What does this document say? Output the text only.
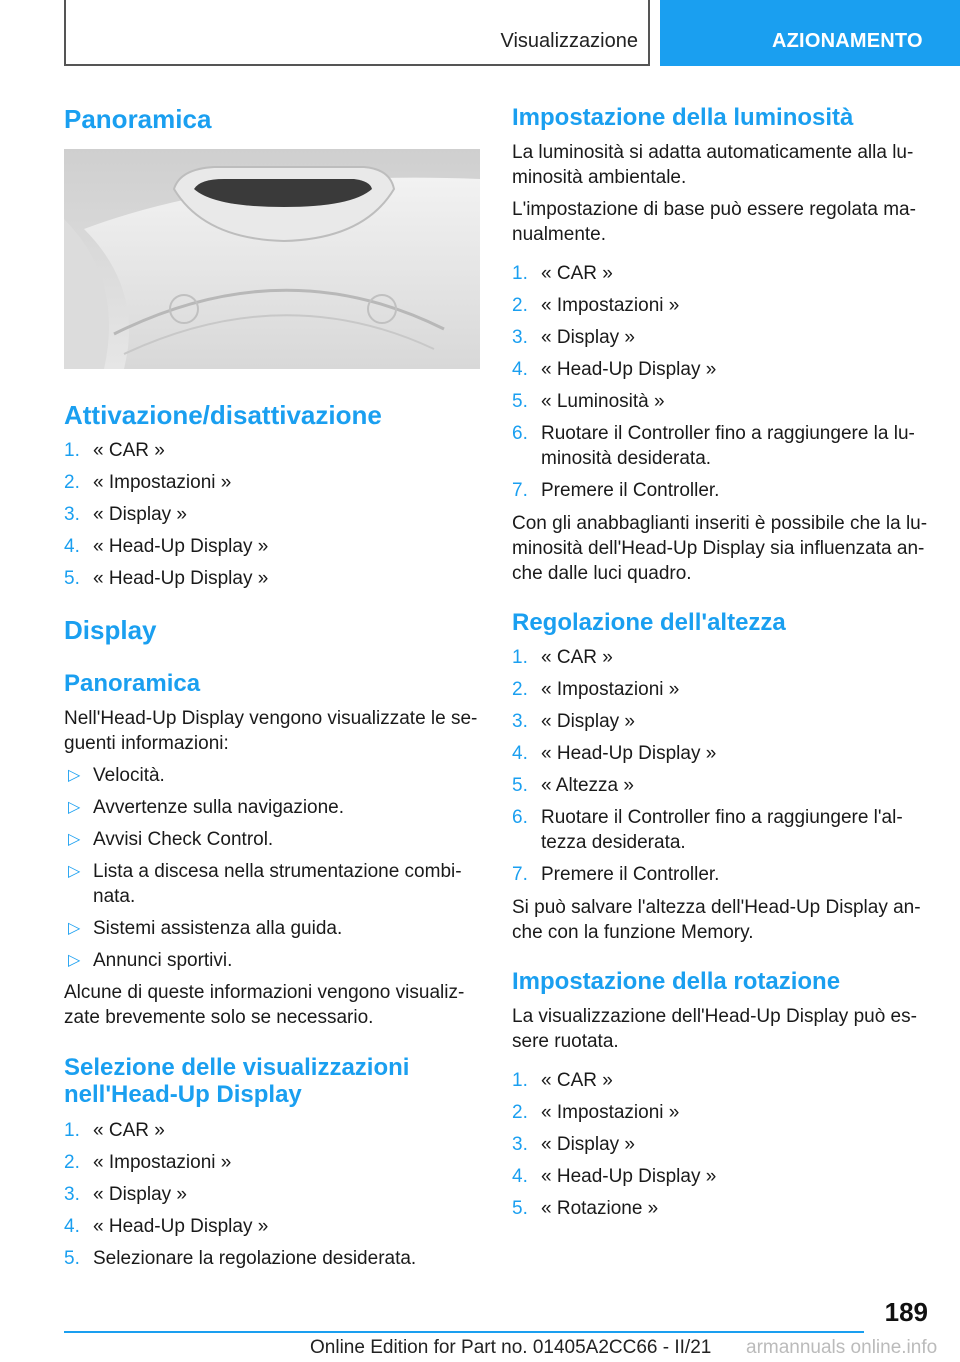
Visualizzazione	AZIONAMENTO
Panoramica
Attivazione/disattivazione
1. « CAR »
2. « Impostazioni »
3. « Display »
4. « Head-Up Display »
5. « Head-Up Display »
Display
Panoramica
Nell'Head-Up Display vengono visualizzate le se-
guenti informazioni:
▷ Velocità.
▷ Avvertenze sulla navigazione.
▷ Avvisi Check Control.
▷ Lista a discesa nella strumentazione combi-
nata.
▷ Sistemi assistenza alla guida.
▷ Annunci sportivi.
Alcune di queste informazioni vengono visualiz-
zate brevemente solo se necessario.
Selezione delle visualizzazioni
nell'Head-Up Display
1. « CAR »
2. « Impostazioni »
3. « Display »
4. « Head-Up Display »
5. Selezionare la regolazione desiderata.
Impostazione della luminosità
La luminosità si adatta automaticamente alla lu-
minosità ambientale.
L'impostazione di base può essere regolata ma-
nualmente.
1. « CAR »
2. « Impostazioni »
3. « Display »
4. « Head-Up Display »
5. « Luminosità »
6. Ruotare il Controller fino a raggiungere la lu-
minosità desiderata.
7. Premere il Controller.
Con gli anabbaglianti inseriti è possibile che la lu-
minosità dell'Head-Up Display sia influenzata an-
che dalle luci quadro.
Regolazione dell'altezza
1. « CAR »
2. « Impostazioni »
3. « Display »
4. « Head-Up Display »
5. « Altezza »
6. Ruotare il Controller fino a raggiungere l'al-
tezza desiderata.
7. Premere il Controller.
Si può salvare l'altezza dell'Head-Up Display an-
che con la funzione Memory.
Impostazione della rotazione
La visualizzazione dell'Head-Up Display può es-
sere ruotata.
1. « CAR »
2. « Impostazioni »
3. « Display »
4. « Head-Up Display »
5. « Rotazione »
189
Online Edition for Part no. 01405A2CC66 - II/21 armannuals online.info
